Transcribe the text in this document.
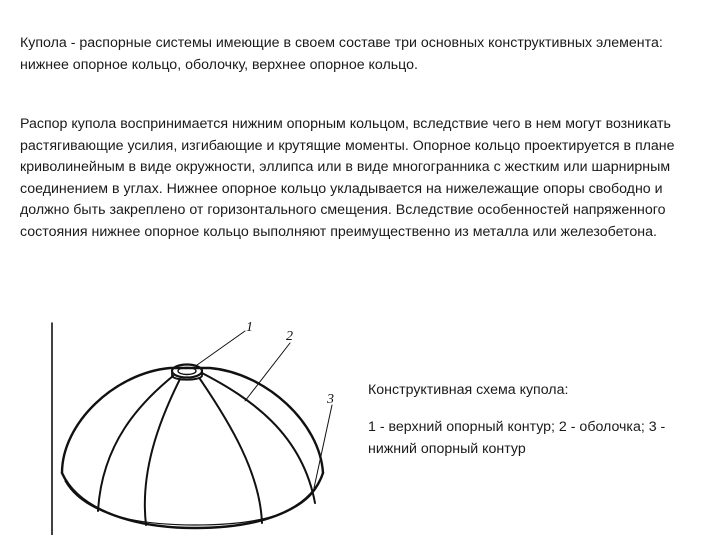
Купола - распорные системы имеющие в своем составе три основных конструктивных элемента: нижнее опорное кольцо, оболочку, верхнее опорное кольцо.

Распор купола воспринимается нижним опорным кольцом, вследствие чего в нем могут возникать растягивающие усилия, изгибающие и крутящие моменты. Опорное кольцо проектируется в плане криволинейным в виде окружности, эллипса или в виде многогранника с жестким или шарнирным соединением в углах. Нижнее опорное кольцо укладывается на нижележащие опоры свободно и должно быть закреплено от горизонтального смещения. Вследствие особенностей напряженного состояния нижнее опорное кольцо выполняют преимущественно из металла или железобетона.

1
2
3

Конструктивная схема купола:

1 - верхний опорный контур; 2 - оболочка; 3 - нижний опорный контур
